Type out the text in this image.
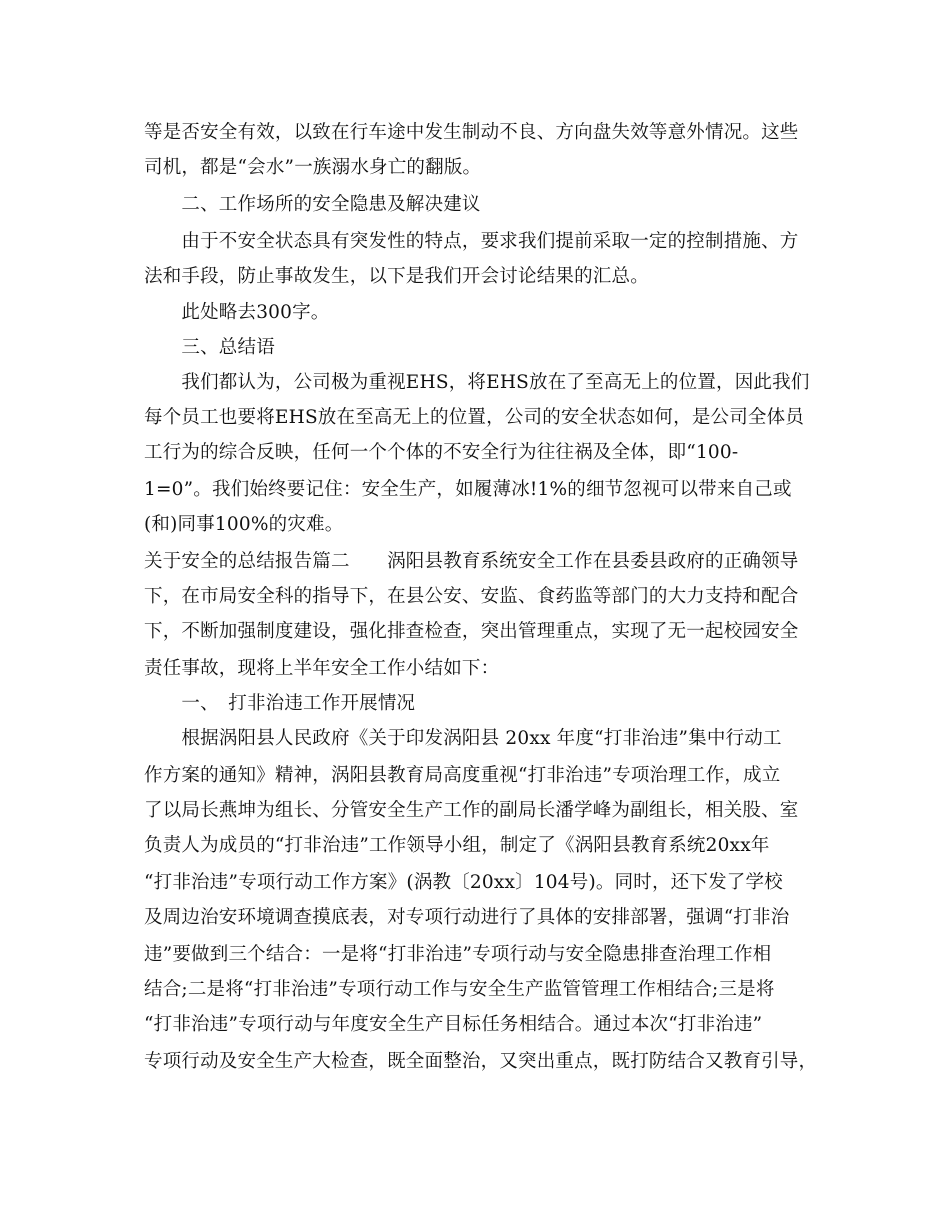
等是否安全有效，以致在行车途中发生制动不良、方向盘失效等意外情况。这些
司机，都是“会水”一族溺水身亡的翻版。
　　二、工作场所的安全隐患及解决建议
　　由于不安全状态具有突发性的特点，要求我们提前采取一定的控制措施、方
法和手段，防止事故发生，以下是我们开会讨论结果的汇总。
　　此处略去300字。
　　三、总结语
　　我们都认为，公司极为重视EHS，将EHS放在了至高无上的位置，因此我们
每个员工也要将EHS放在至高无上的位置，公司的安全状态如何，是公司全体员
工行为的综合反映，任何一个个体的不安全行为往往祸及全体，即“100-
1=0”。我们始终要记住：安全生产，如履薄冰!1%的细节忽视可以带来自己或
(和)同事100%的灾难。
关于安全的总结报告篇二　　涡阳县教育系统安全工作在县委县政府的正确领导
下，在市局安全科的指导下，在县公安、安监、食药监等部门的大力支持和配合
下，不断加强制度建设，强化排查检查，突出管理重点，实现了无一起校园安全
责任事故，现将上半年安全工作小结如下：
　　一、　打非治违工作开展情况
　　根据涡阳县人民政府《关于印发涡阳县 20xx 年度“打非治违”集中行动工
作方案的通知》精神，涡阳县教育局高度重视“打非治违”专项治理工作，成立
了以局长燕坤为组长、分管安全生产工作的副局长潘学峰为副组长，相关股、室
负责人为成员的“打非治违”工作领导小组，制定了《涡阳县教育系统20xx年
“打非治违”专项行动工作方案》(涡教〔20xx〕104号)。同时，还下发了学校
及周边治安环境调查摸底表，对专项行动进行了具体的安排部署，强调“打非治
违”要做到三个结合：一是将“打非治违”专项行动与安全隐患排查治理工作相
结合;二是将“打非治违”专项行动工作与安全生产监管管理工作相结合;三是将
“打非治违”专项行动与年度安全生产目标任务相结合。通过本次“打非治违”
专项行动及安全生产大检查，既全面整治，又突出重点，既打防结合又教育引导，
